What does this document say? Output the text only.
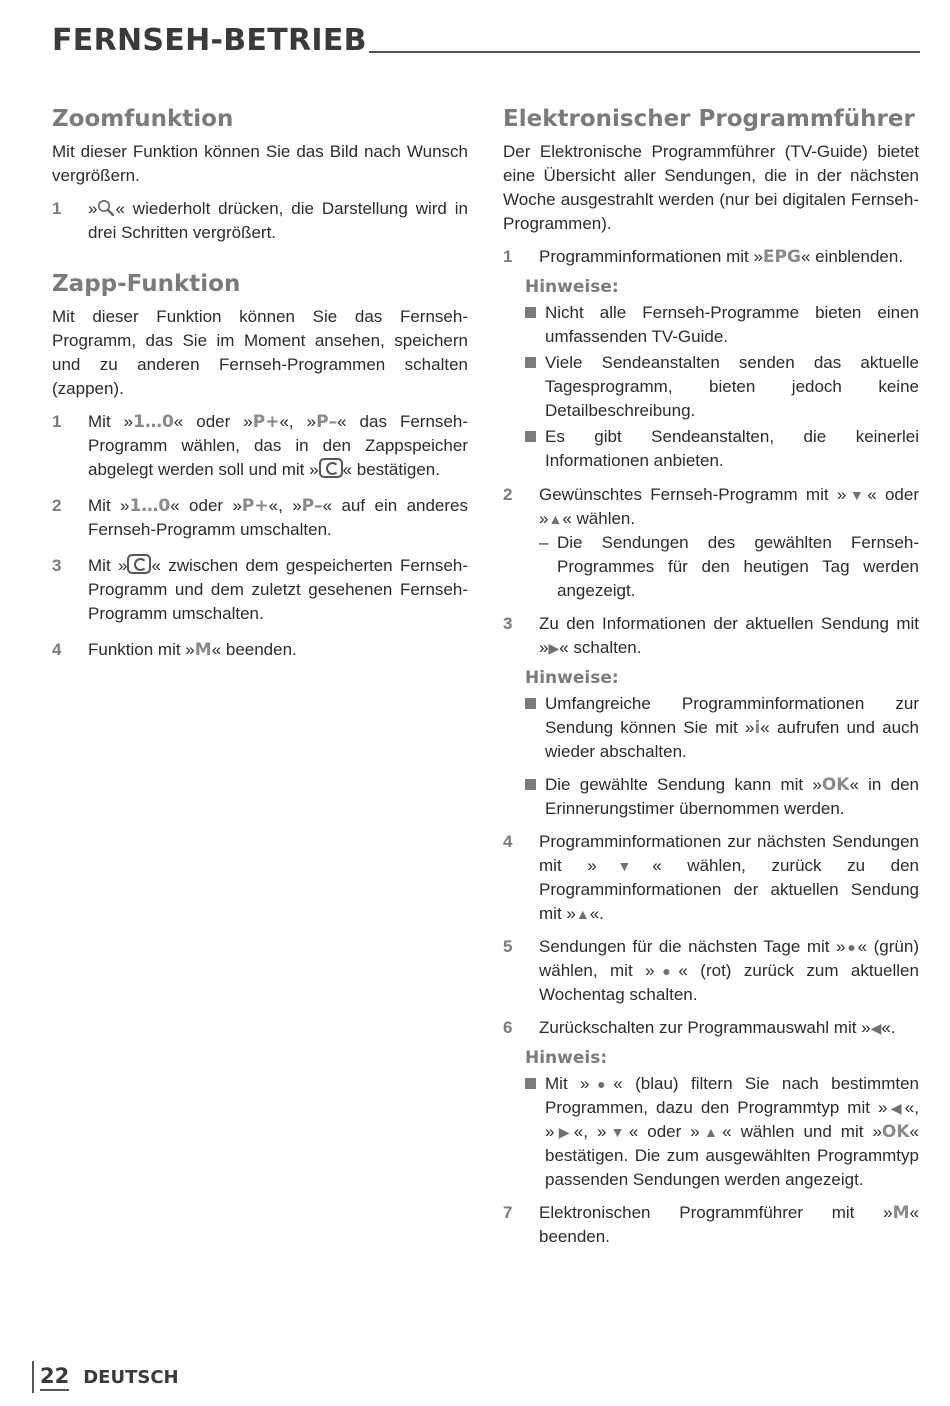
FERNSEH-BETRIEB
Zoomfunktion
Mit dieser Funktion können Sie das Bild nach Wunsch vergrößern.
1	» « wiederholt drücken, die Darstellung wird in drei Schritten vergrößert.
Zapp-Funktion
Mit dieser Funktion können Sie das Fernseh-Programm, das Sie im Moment ansehen, speichern und zu anderen Fernseh-Programmen schalten (zappen).
1	Mit »1…0« oder »P+«, »P–« das Fernseh-Programm wählen, das in den Zappspeicher abgelegt werden soll und mit » « bestätigen.
2	Mit »1…0« oder »P+«, »P–« auf ein anderes Fernseh-Programm umschalten.
3	Mit » « zwischen dem gespeicherten Fernseh-Programm und dem zuletzt gesehenen Fernseh-Programm umschalten.
4	Funktion mit »M« beenden.
Elektronischer Programmführer
Der Elektronische Programmführer (TV-Guide) bietet eine Übersicht aller Sendungen, die in der nächsten Woche ausgestrahlt werden (nur bei digitalen Fernseh-Programmen).
1	Programminformationen mit »EPG« einblenden.
Hinweise:
Nicht alle Fernseh-Programme bieten einen umfassenden TV-Guide.
Viele Sendeanstalten senden das aktuelle Tagesprogramm, bieten jedoch keine Detailbeschreibung.
Es gibt Sendeanstalten, die keinerlei Informationen anbieten.
2	Gewünschtes Fernseh-Programm mit »▼« oder »▲« wählen.
– Die Sendungen des gewählten Fernseh-Programmes für den heutigen Tag werden angezeigt.
3	Zu den Informationen der aktuellen Sendung mit »▶« schalten.
Hinweise:
Umfangreiche Programminformationen zur Sendung können Sie mit »i« aufrufen und auch wieder abschalten.
Die gewählte Sendung kann mit »OK« in den Erinnerungstimer übernommen werden.
4	Programminformationen zur nächsten Sendungen mit »▼« wählen, zurück zu den Programminformationen der aktuellen Sendung mit »▲«.
5	Sendungen für die nächsten Tage mit »●« (grün) wählen, mit »●« (rot) zurück zum aktuellen Wochentag schalten.
6	Zurückschalten zur Programmauswahl mit »◀«.
Hinweis:
Mit »●« (blau) filtern Sie nach bestimmten Programmen, dazu den Programmtyp mit »◀«, »▶«, »▼« oder »▲« wählen und mit »OK« bestätigen. Die zum ausgewählten Programmtyp passenden Sendungen werden angezeigt.
7	Elektronischen Programmführer mit »M« beenden.
22 DEUTSCH
